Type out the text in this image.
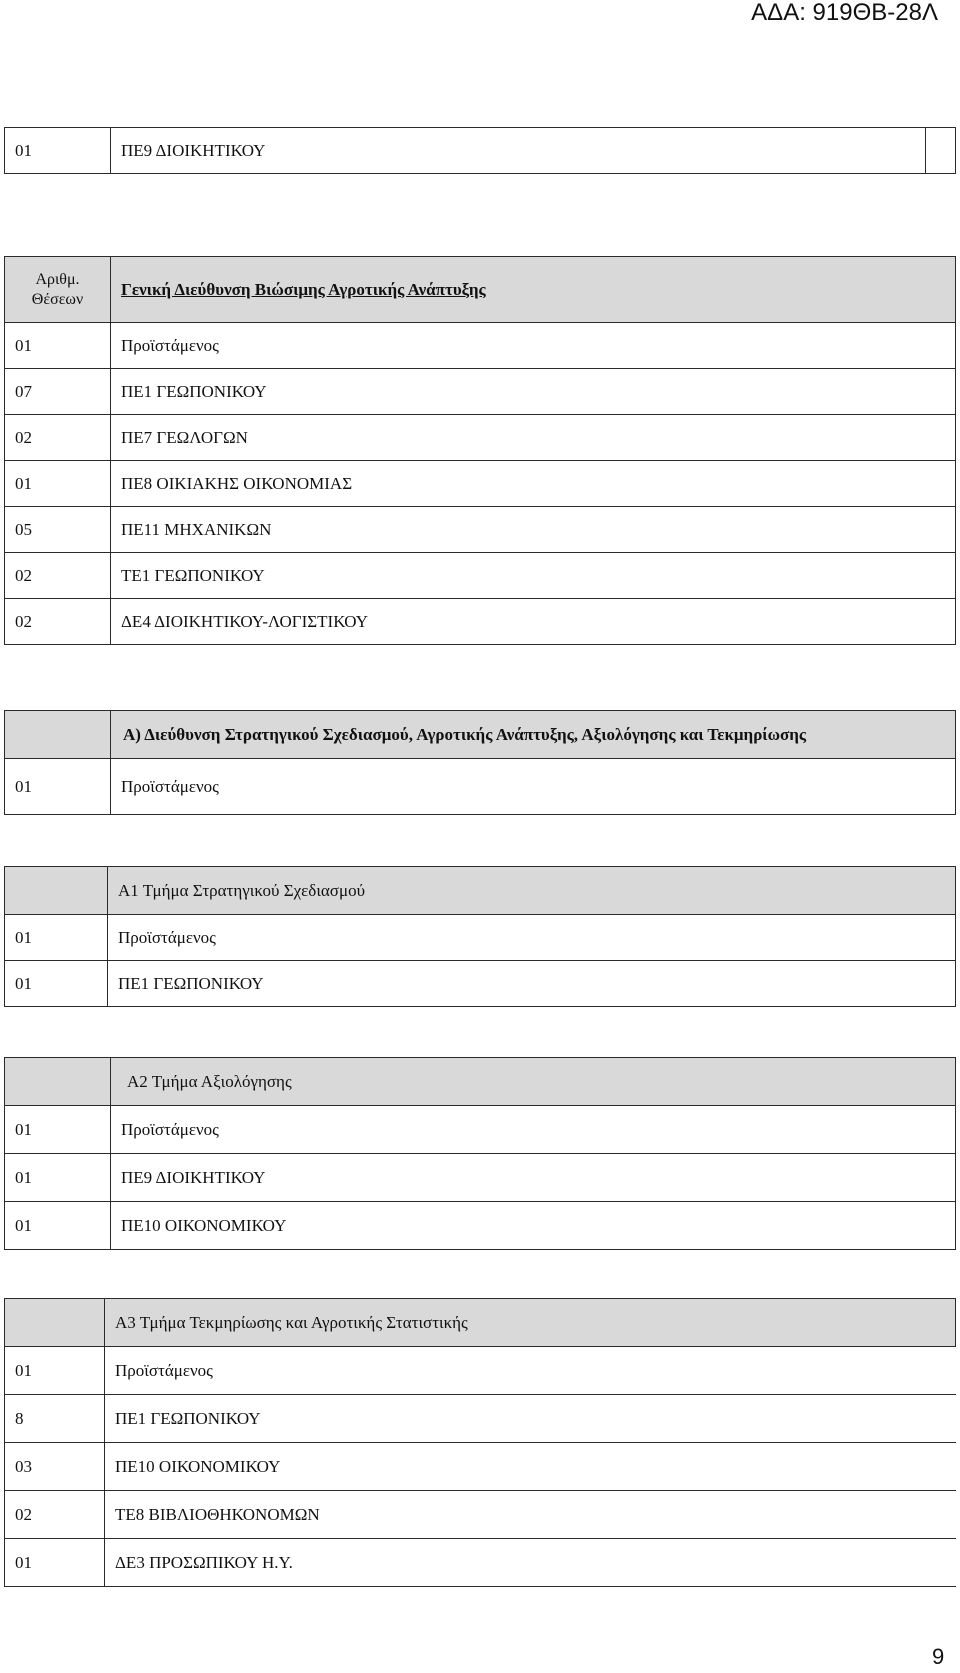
ΑΔΑ: 919ΘΒ-28Λ
01	ΠΕ9 ΔΙΟΙΚΗΤΙΚΟΥ	
Αριθμ. Θέσεων	Γενική Διεύθυνση Βιώσιμης Αγροτικής Ανάπτυξης
01	Προϊστάμενος
07	ΠΕ1 ΓΕΩΠΟΝΙΚΟΥ
02	ΠΕ7 ΓΕΩΛΟΓΩΝ
01	ΠΕ8 ΟΙΚΙΑΚΗΣ ΟΙΚΟΝΟΜΙΑΣ
05	ΠΕ11 ΜΗΧΑΝΙΚΩΝ
02	ΤΕ1 ΓΕΩΠΟΝΙΚΟΥ
02	ΔΕ4 ΔΙΟΙΚΗΤΙΚΟΥ-ΛΟΓΙΣΤΙΚΟΥ
	Α) Διεύθυνση Στρατηγικού Σχεδιασμού, Αγροτικής Ανάπτυξης, Αξιολόγησης και Τεκμηρίωσης
01	Προϊστάμενος
	Α1 Τμήμα Στρατηγικού Σχεδιασμού
01	Προϊστάμενος
01	ΠΕ1 ΓΕΩΠΟΝΙΚΟΥ
	Α2 Τμήμα Αξιολόγησης
01	Προϊστάμενος
01	ΠΕ9 ΔΙΟΙΚΗΤΙΚΟΥ
01	ΠΕ10 ΟΙΚΟΝΟΜΙΚΟΥ
	Α3 Τμήμα Τεκμηρίωσης και Αγροτικής Στατιστικής
01	Προϊστάμενος
8	ΠΕ1 ΓΕΩΠΟΝΙΚΟΥ
03	ΠΕ10 ΟΙΚΟΝΟΜΙΚΟΥ
02	ΤΕ8 ΒΙΒΛΙΟΘΗΚΟΝΟΜΩΝ
01	ΔΕ3 ΠΡΟΣΩΠΙΚΟΥ Η.Υ.
9
